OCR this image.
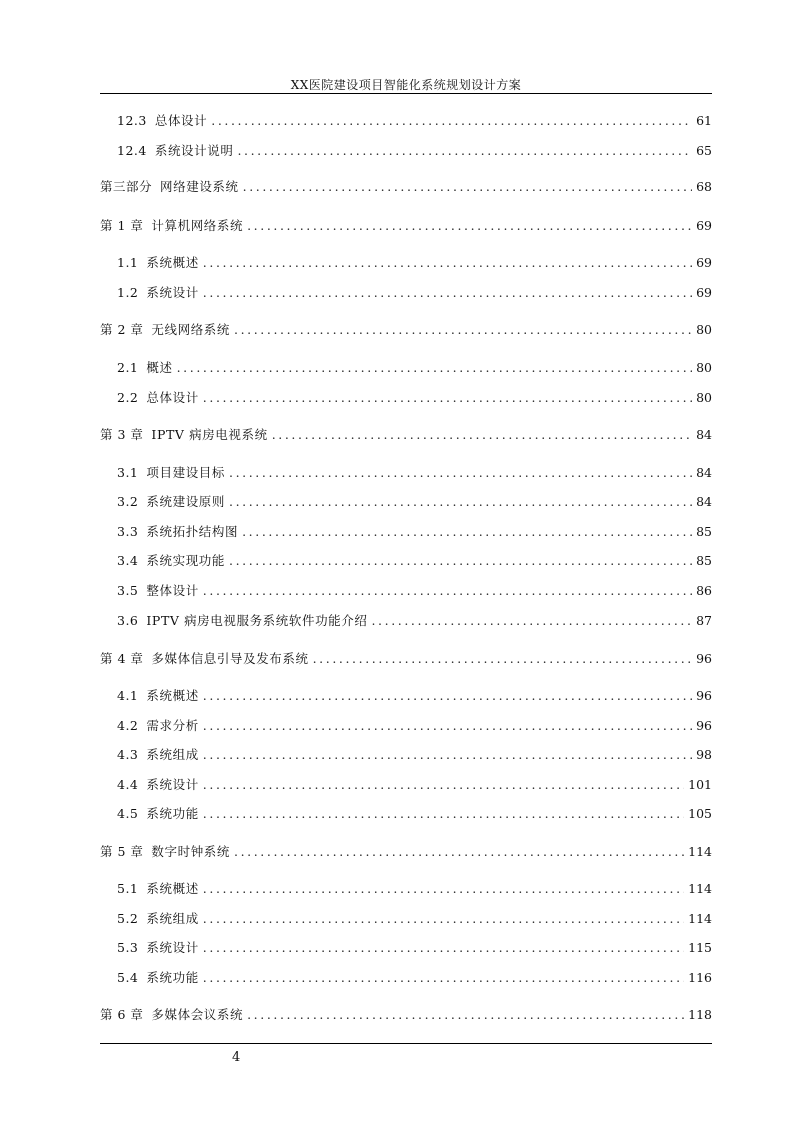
XX医院建设项目智能化系统规划设计方案
12.3 总体设计 .....	61
12.4 系统设计说明 .....	65
第三部分 网络建设系统 .....	68
第 1 章 计算机网络系统 .....	69
1.1 系统概述 .....	69
1.2 系统设计 .....	69
第 2 章 无线网络系统 .....	80
2.1 概述 .....	80
2.2 总体设计 .....	80
第 3 章 IPTV 病房电视系统 .....	84
3.1 项目建设目标 .....	84
3.2 系统建设原则 .....	84
3.3 系统拓扑结构图 .....	85
3.4 系统实现功能 .....	85
3.5 整体设计 .....	86
3.6 IPTV 病房电视服务系统软件功能介绍 .....	87
第 4 章 多媒体信息引导及发布系统 .....	96
4.1 系统概述 .....	96
4.2 需求分析 .....	96
4.3 系统组成 .....	98
4.4 系统设计 .....	101
4.5 系统功能 .....	105
第 5 章 数字时钟系统 .....	114
5.1 系统概述 .....	114
5.2 系统组成 .....	114
5.3 系统设计 .....	115
5.4 系统功能 .....	116
第 6 章 多媒体会议系统 .....	118
4
